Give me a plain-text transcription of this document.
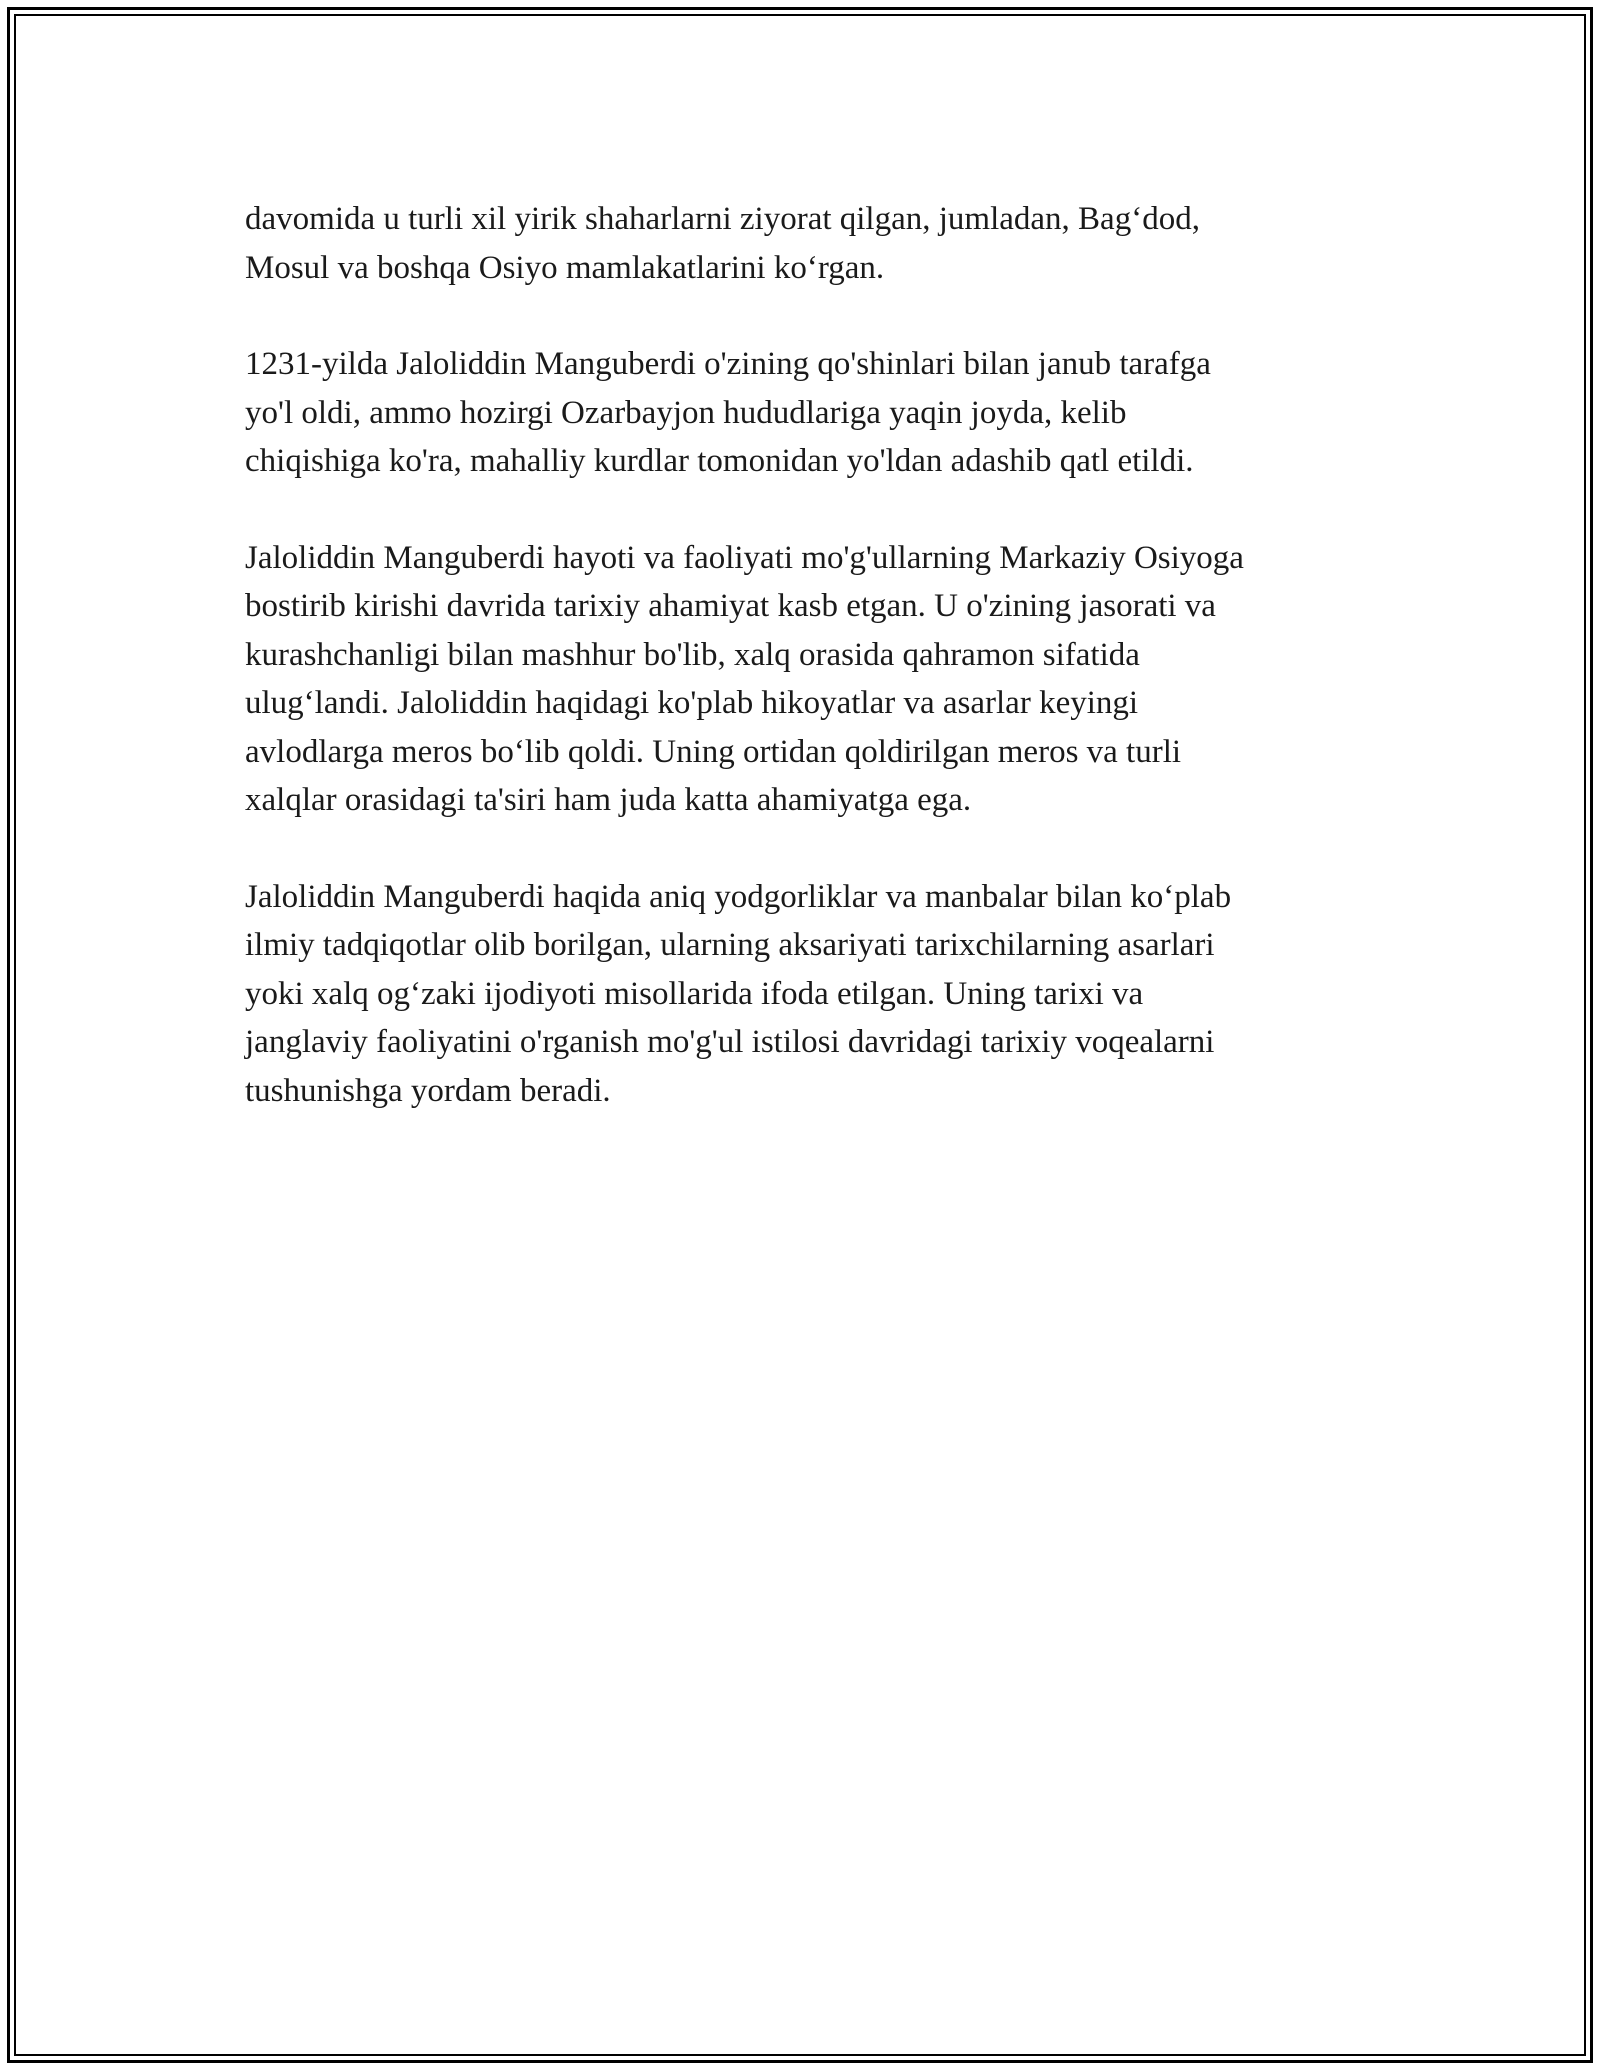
davomida u turli xil yirik shaharlarni ziyorat qilgan, jumladan, Bag‘dod,
Mosul va boshqa Osiyo mamlakatlarini ko‘rgan.

1231-yilda Jaloliddin Manguberdi o'zining qo'shinlari bilan janub tarafga
yo'l oldi, ammo hozirgi Ozarbayjon hududlariga yaqin joyda, kelib
chiqishiga ko'ra, mahalliy kurdlar tomonidan yo'ldan adashib qatl etildi.

Jaloliddin Manguberdi hayoti va faoliyati mo'g'ullarning Markaziy Osiyoga
bostirib kirishi davrida tarixiy ahamiyat kasb etgan. U o'zining jasorati va
kurashchanligi bilan mashhur bo'lib, xalq orasida qahramon sifatida
ulug‘landi. Jaloliddin haqidagi ko'plab hikoyatlar va asarlar keyingi
avlodlarga meros bo‘lib qoldi. Uning ortidan qoldirilgan meros va turli
xalqlar orasidagi ta'siri ham juda katta ahamiyatga ega.

Jaloliddin Manguberdi haqida aniq yodgorliklar va manbalar bilan ko‘plab
ilmiy tadqiqotlar olib borilgan, ularning aksariyati tarixchilarning asarlari
yoki xalq og‘zaki ijodiyoti misollarida ifoda etilgan. Uning tarixi va
janglaviy faoliyatini o'rganish mo'g'ul istilosi davridagi tarixiy voqealarni
tushunishga yordam beradi.
